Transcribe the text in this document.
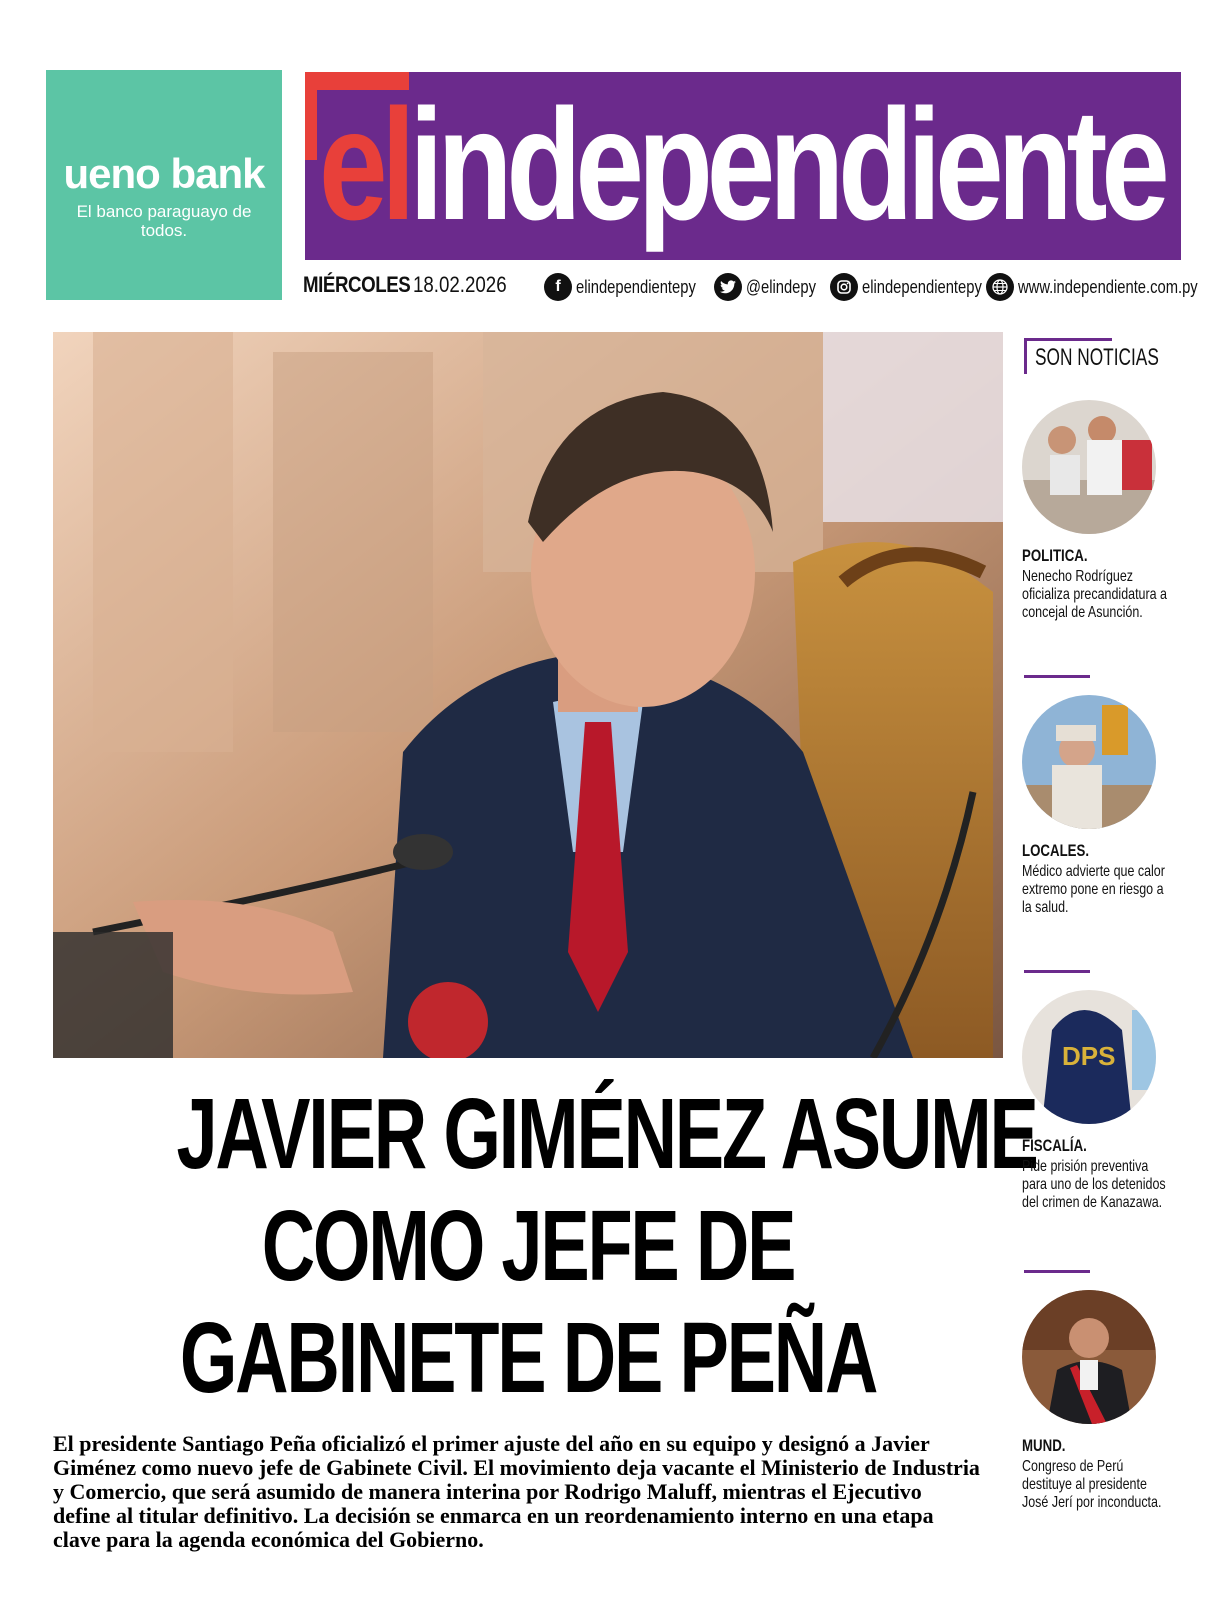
ueno bank
El banco paraguayo de todos. elindependiente
MIÉRCOLES 18.02.2026	f elindependientepy	@elindepy	elindependientepy www.independiente.com.py
JAVIER GIMÉNEZ ASUME
COMO JEFE DE
GABINETE DE PEÑA
El presidente Santiago Peña oficializó el primer ajuste del año en su equipo y designó a Javier Giménez como nuevo jefe de Gabinete Civil. El movimiento deja vacante el Ministerio de Industria y Comercio, que será asumido de manera interina por Rodrigo Maluff, mientras el Ejecutivo define al titular definitivo. La decisión se enmarca en un reordenamiento interno en una etapa clave para la agenda económica del Gobierno.
SON NOTICIAS
POLITICA.
Nenecho Rodríguez oficializa precandidatura a concejal de Asunción.
LOCALES.
Médico advierte que calor extremo pone en riesgo a la salud.
DPS
FISCALÍA.
Pide prisión preventiva para uno de los detenidos del crimen de Kanazawa.
MUND.
Congreso de Perú destituye al presidente José Jerí por inconducta.
